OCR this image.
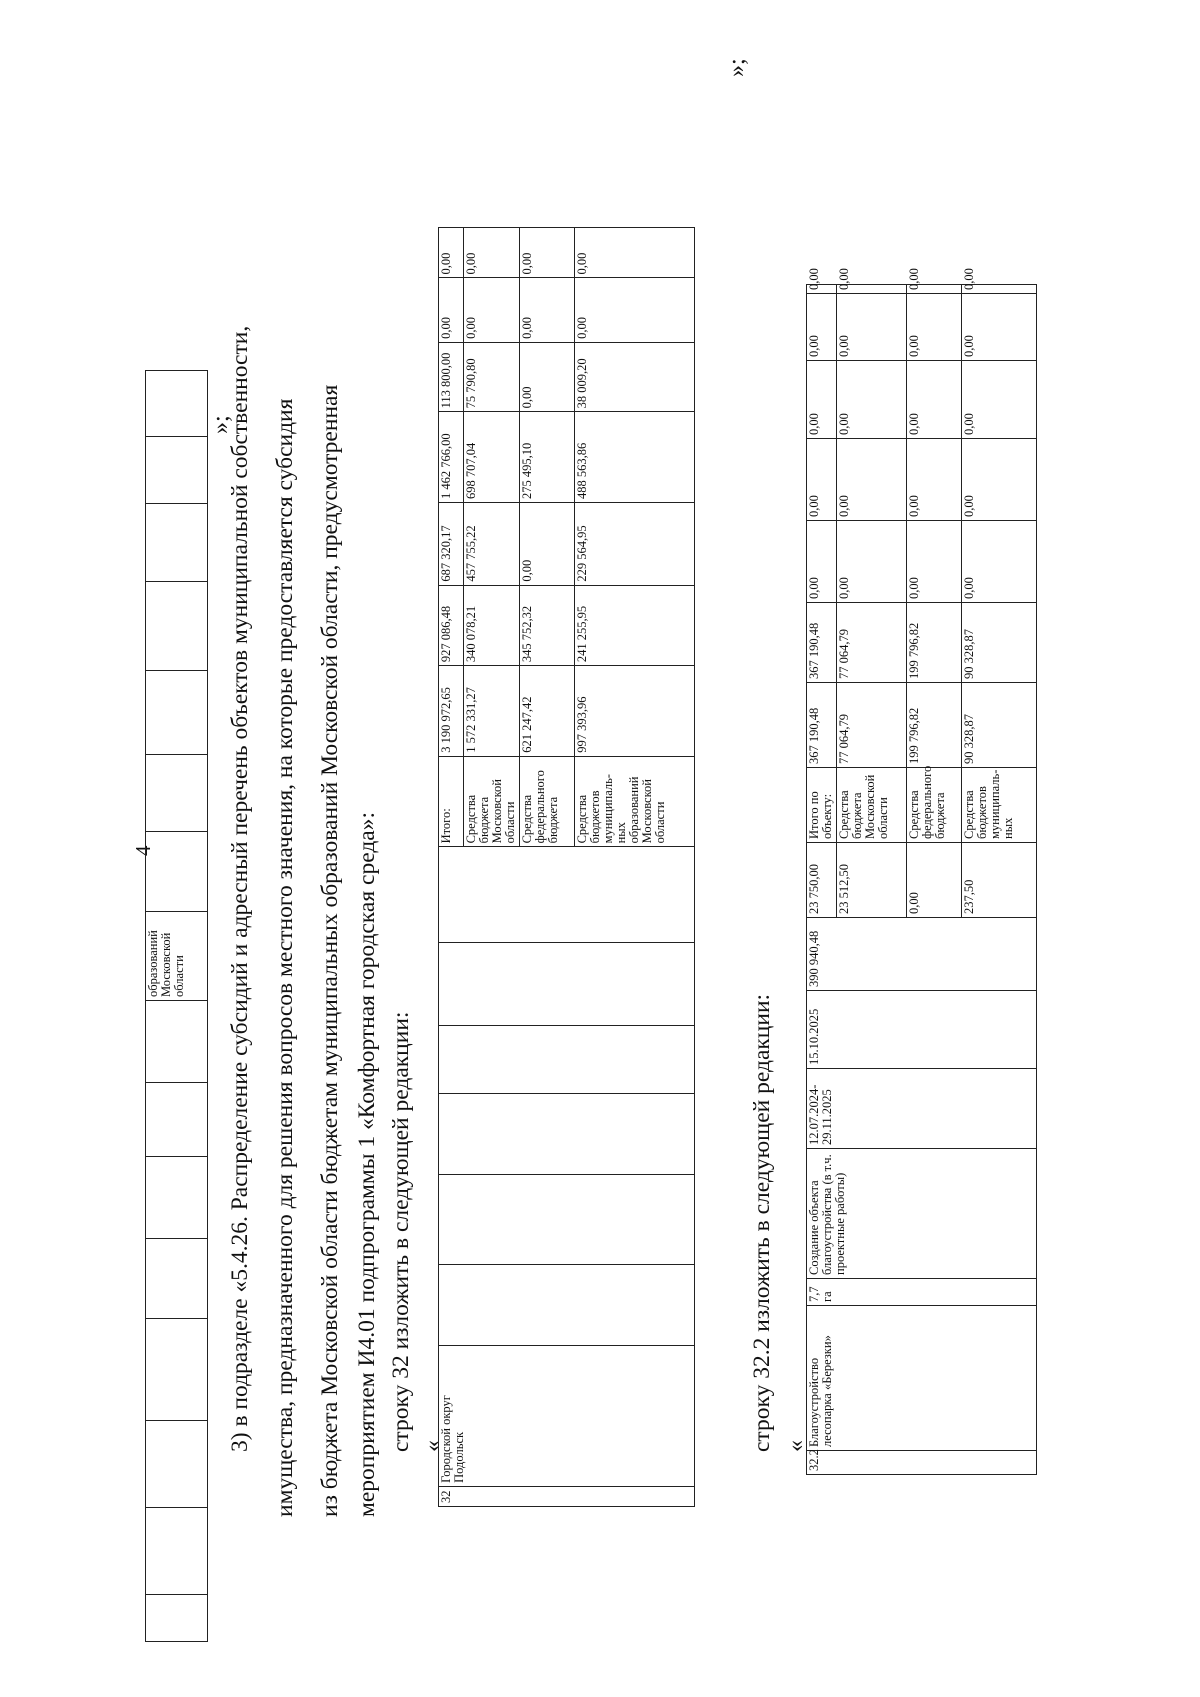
4
								образований Московской области							
»;
3) в подразделе «5.4.26. Распределение субсидий и адресный перечень объектов муниципальной собственности, имущества, предназначенного для решения вопросов местного значения, на которые предоставляется субсидия из бюджета Московской области бюджетам муниципальных образований Московской области, предусмотренная мероприятием И4.01 подпрограммы 1 «Комфортная городская среда»: строку 32 изложить в следующей редакции: «
32	Городской округ Подольск							Итого:	3 190 972,65	927 086,48	687 320,17	1 462 766,00	113 800,00	0,00	0,00
								Средства бюджета Московской области	1 572 331,27	340 078,21	457 755,22	698 707,04	75 790,80	0,00	0,00
								Средства федерального бюджета	621 247,42	345 752,32	0,00	275 495,10	0,00	0,00	0,00
								Средства бюджетов муниципаль-ных образований Московской области	997 393,96	241 255,95	229 564,95	488 563,86	38 009,20	0,00	0,00
»;
строку 32.2 изложить в следующей редакции: «
32.2	Благоустройство лесопарка «Березки»	7,7 га	Создание объекта благоустройства (в т.ч. проектные работы)	12.07.2024-29.11.2025	15.10.2025	390 940,48	23 750,00	Итого по объекту:	367 190,48	367 190,48	0,00	0,00	0,00	0,00	0,00
							23 512,50	Средства бюджета Московской области	77 064,79	77 064,79	0,00	0,00	0,00	0,00	0,00
							0,00	Средства федерального бюджета	199 796,82	199 796,82	0,00	0,00	0,00	0,00	0,00
							237,50	Средства бюджетов муниципаль-ных	90 328,87	90 328,87	0,00	0,00	0,00	0,00	0,00
